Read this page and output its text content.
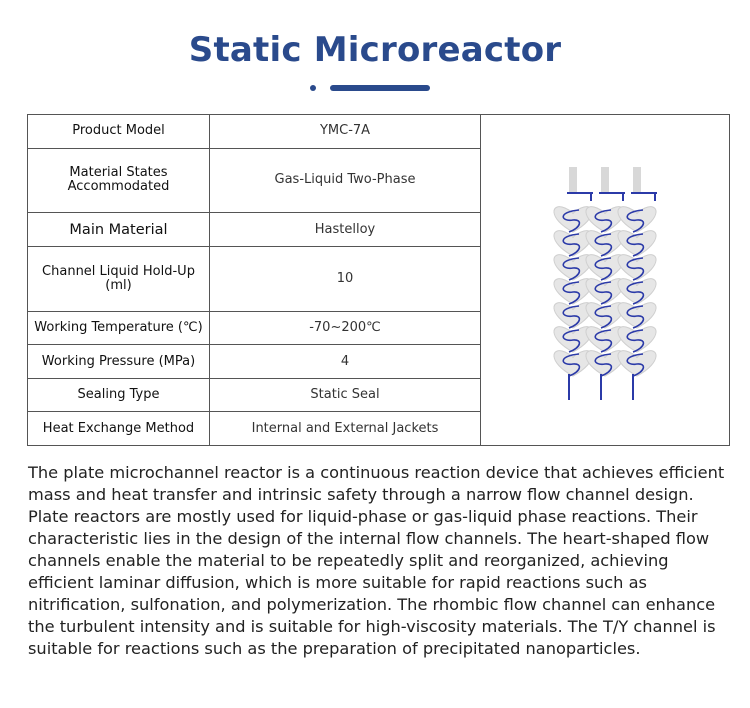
Static Microreactor
Product Model	YMC-7A	

Material States Accommodated	Gas-Liquid Two-Phase	
Main Material	Hastelloy	
Channel Liquid Hold-Up (ml)	10	
Working Temperature (℃)	-70~200℃	
Working Pressure (MPa)	4	
Sealing Type	Static Seal	
Heat Exchange Method	Internal and External Jackets	

The plate microchannel reactor is a continuous reaction device that achieves efficient mass and heat transfer and intrinsic safety through a narrow flow channel design. Plate reactors are mostly used for liquid-phase or gas-liquid phase reactions. Their characteristic lies in the design of the internal flow channels. The heart-shaped flow channels enable the material to be repeatedly split and reorganized, achieving efficient laminar diffusion, which is more suitable for rapid reactions such as nitrification, sulfonation, and polymerization. The rhombic flow channel can enhance the turbulent intensity and is suitable for high-viscosity materials. The T/Y channel is suitable for reactions such as the preparation of precipitated nanoparticles.
